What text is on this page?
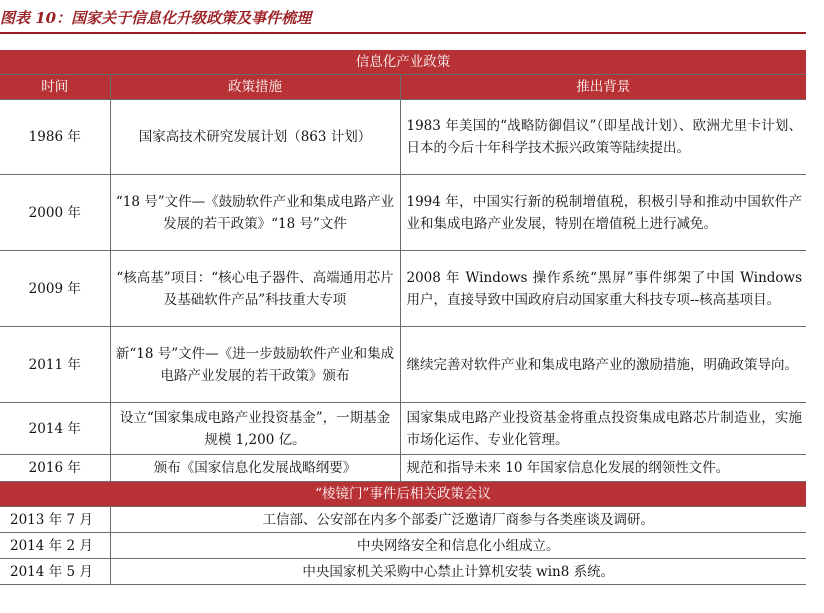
图表 10：国家关于信息化升级政策及事件梳理
信息化产业政策		
时间	政策措施	推出背景
1986 年	国家高技术研究发展计划（863 计划）	1983 年美国的“战略防御倡议”（即星战计划）、欧洲尤里卡计划、日本的今后十年科学技术振兴政策等陆续提出。
2000 年	“18 号”文件—《鼓励软件产业和集成电路产业发展的若干政策》“18 号”文件	1994 年，中国实行新的税制增值税，积极引导和推动中国软件产业和集成电路产业发展，特别在增值税上进行减免。
2009 年	“核高基”项目：“核心电子器件、高端通用芯片及基础软件产品”科技重大专项	2008 年 Windows 操作系统“黑屏”事件绑架了中国 Windows 用户，直接导致中国政府启动国家重大科技专项--核高基项目。
2011 年	新“18 号”文件—《进一步鼓励软件产业和集成电路产业发展的若干政策》颁布	继续完善对软件产业和集成电路产业的激励措施，明确政策导向。
2014 年	设立“国家集成电路产业投资基金”，一期基金规模 1,200 亿。	国家集成电路产业投资基金将重点投资集成电路芯片制造业，实施市场化运作、专业化管理。
2016 年	颁布《国家信息化发展战略纲要》	规范和指导未来 10 年国家信息化发展的纲领性文件。
“棱镜门”事件后相关政策会议		
2013 年 7 月	工信部、公安部在内多个部委广泛邀请厂商参与各类座谈及调研。	
2014 年 2 月	中央网络安全和信息化小组成立。	
2014 年 5 月	中央国家机关采购中心禁止计算机安装 win8 系统。	
